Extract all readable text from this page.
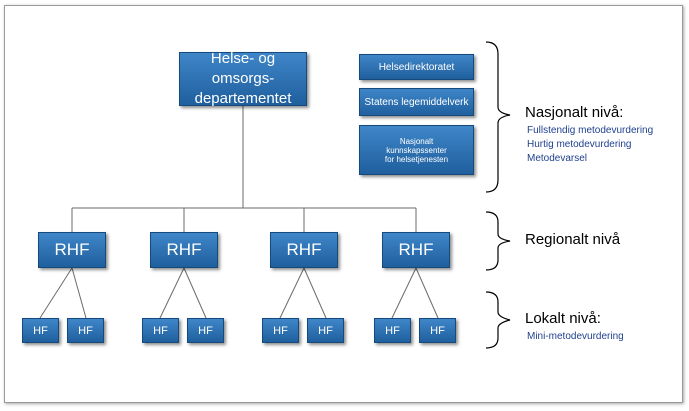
Helse- og omsorgs-
departementet
Helsedirektoratet
Statens legemiddelverk
Nasjonalt
kunnskapssenter
for helsetjenesten
RHF	RHF	RHF	RHF
HF	HF	HF	HF	HF	HF	HF	HF
Nasjonalt nivå:
Fullstendig metodevurdering
Hurtig metodevurdering
Metodevarsel
Regionalt nivå
Lokalt nivå:
Mini-metodevurdering
